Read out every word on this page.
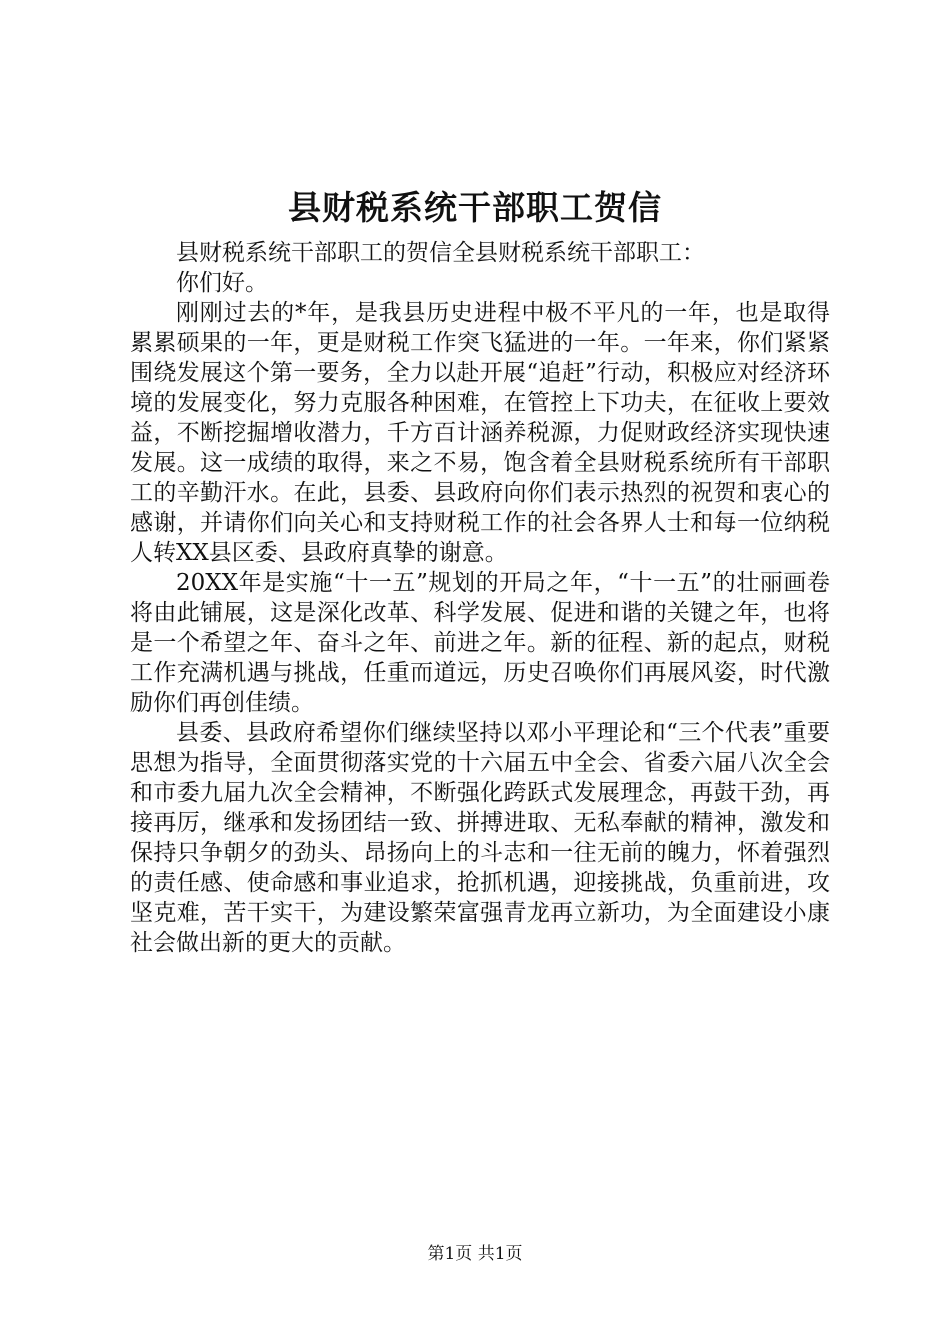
县财税系统干部职工贺信

县财税系统干部职工的贺信全县财税系统干部职工：

你们好。

刚刚过去的*年，是我县历史进程中极不平凡的一年，也是取得累累硕果的一年，更是财税工作突飞猛进的一年。一年来，你们紧紧围绕发展这个第一要务，全力以赴开展“追赶”行动，积极应对经济环境的发展变化，努力克服各种困难，在管控上下功夫，在征收上要效益，不断挖掘增收潜力，千方百计涵养税源，力促财政经济实现快速发展。这一成绩的取得，来之不易，饱含着全县财税系统所有干部职工的辛勤汗水。在此，县委、县政府向你们表示热烈的祝贺和衷心的感谢，并请你们向关心和支持财税工作的社会各界人士和每一位纳税人转XX县区委、县政府真挚的谢意。

20XX年是实施“十一五”规划的开局之年，“十一五”的壮丽画卷将由此铺展，这是深化改革、科学发展、促进和谐的关键之年，也将是一个希望之年、奋斗之年、前进之年。新的征程、新的起点，财税工作充满机遇与挑战，任重而道远，历史召唤你们再展风姿，时代激励你们再创佳绩。

县委、县政府希望你们继续坚持以邓小平理论和“三个代表”重要思想为指导，全面贯彻落实党的十六届五中全会、省委六届八次全会和市委九届九次全会精神，不断强化跨跃式发展理念，再鼓干劲，再接再厉，继承和发扬团结一致、拼搏进取、无私奉献的精神，激发和保持只争朝夕的劲头、昂扬向上的斗志和一往无前的魄力，怀着强烈的责任感、使命感和事业追求，抢抓机遇，迎接挑战，负重前进，攻坚克难，苦干实干，为建设繁荣富强青龙再立新功，为全面建设小康社会做出新的更大的贡献。

第1页 共1页
